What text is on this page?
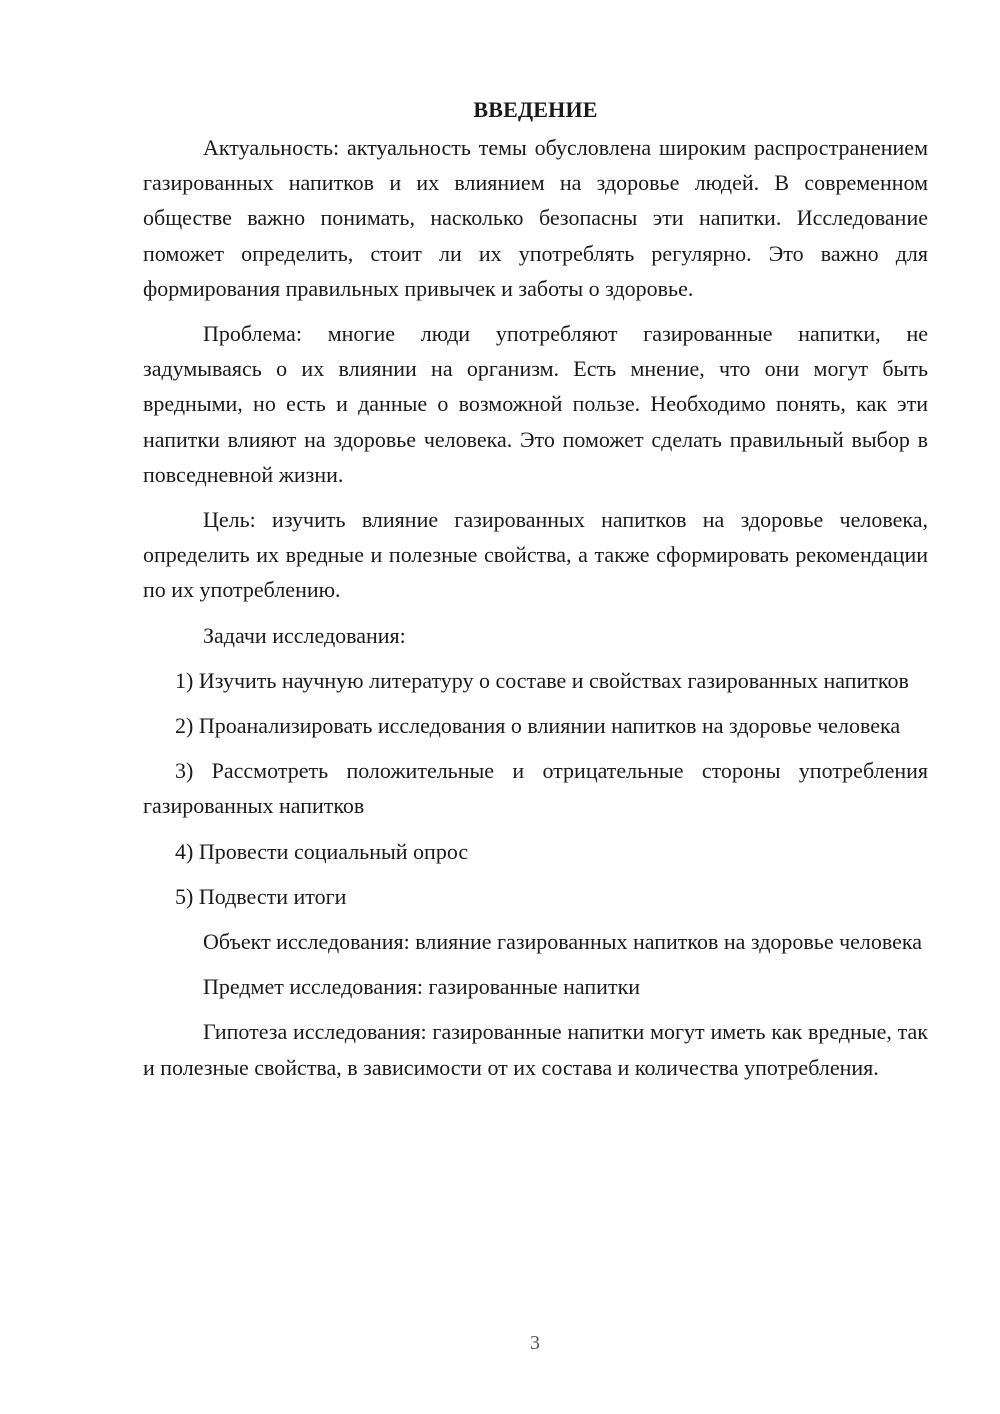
ВВЕДЕНИЕ

Актуальность: актуальность темы обусловлена широким распространением газированных напитков и их влиянием на здоровье людей. В современном обществе важно понимать, насколько безопасны эти напитки. Исследование поможет определить, стоит ли их употреблять регулярно. Это важно для формирования правильных привычек и заботы о здоровье.

Проблема: многие люди употребляют газированные напитки, не задумываясь о их влиянии на организм. Есть мнение, что они могут быть вредными, но есть и данные о возможной пользе. Необходимо понять, как эти напитки влияют на здоровье человека. Это поможет сделать правильный выбор в повседневной жизни.

Цель: изучить влияние газированных напитков на здоровье человека, определить их вредные и полезные свойства, а также сформировать рекомендации по их употреблению.

Задачи исследования:

1) Изучить научную литературу о составе и свойствах газированных напитков

2) Проанализировать исследования о влиянии напитков на здоровье человека

3) Рассмотреть положительные и отрицательные стороны употребления газированных напитков

4) Провести социальный опрос

5) Подвести итоги

Объект исследования: влияние газированных напитков на здоровье человека

Предмет исследования: газированные напитки

Гипотеза исследования: газированные напитки могут иметь как вредные, так и полезные свойства, в зависимости от их состава и количества употребления.

3
